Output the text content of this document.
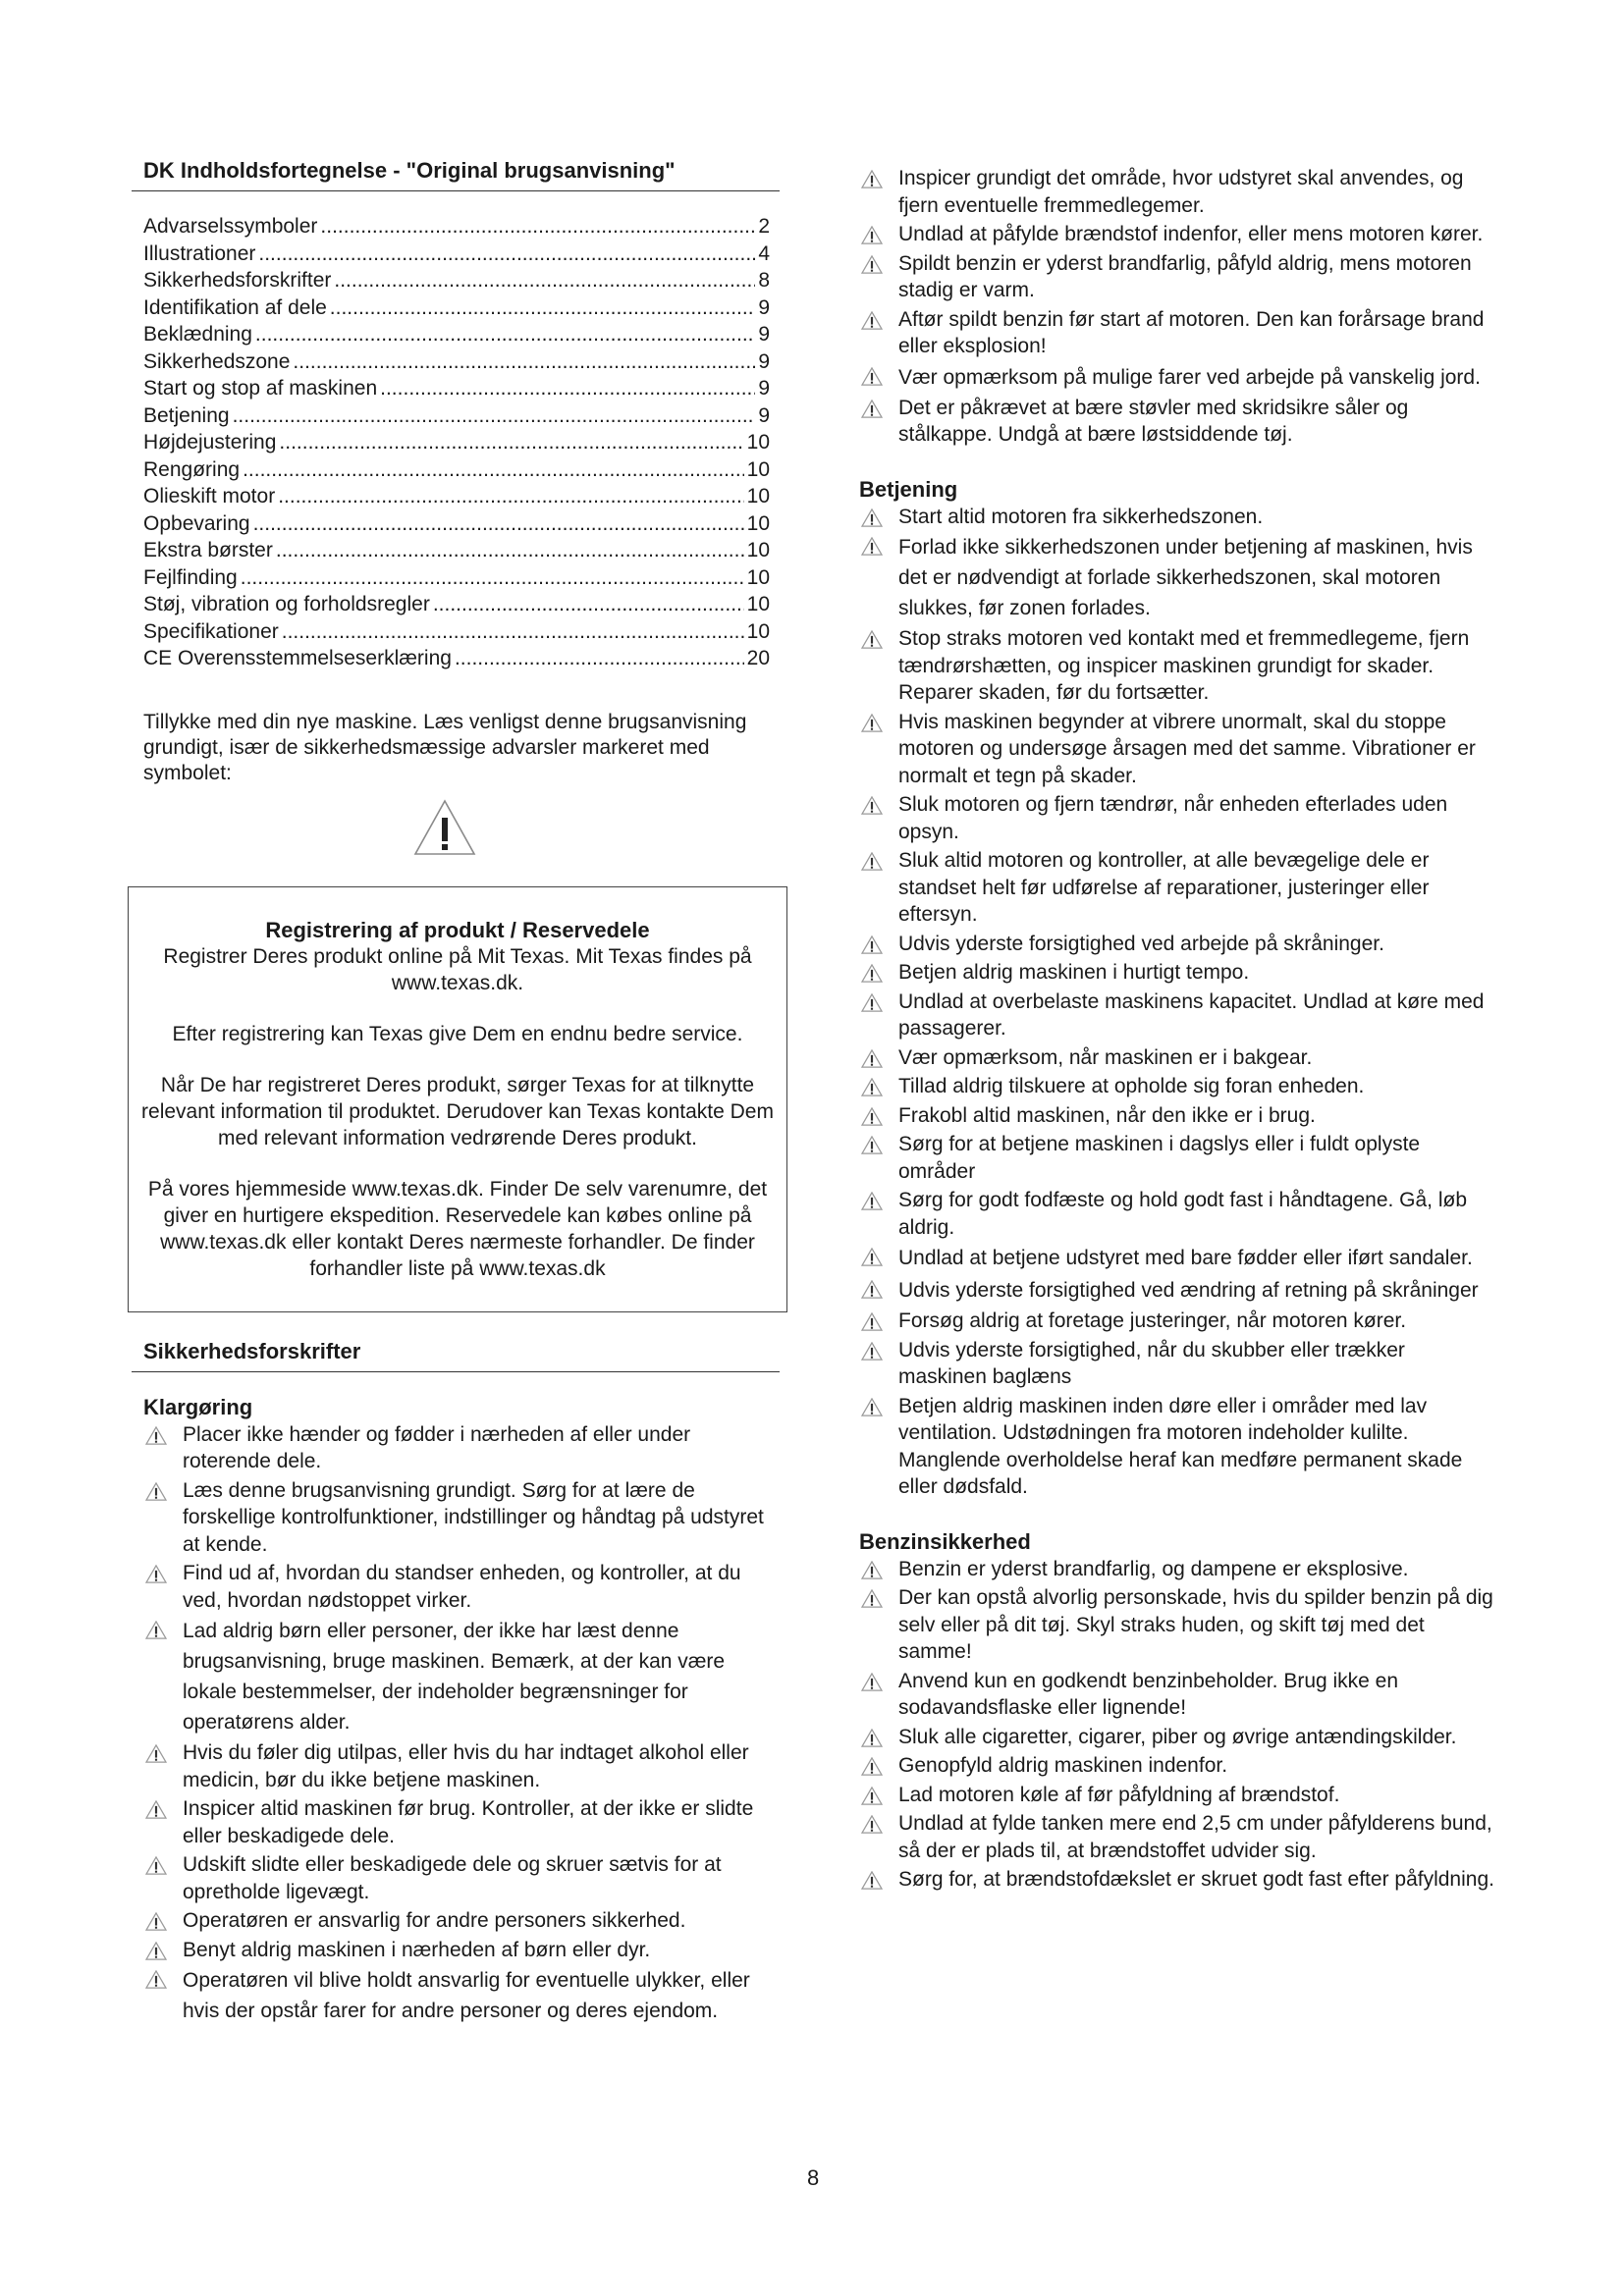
DK Indholdsfortegnelse - "Original brugsanvisning"
Advarselssymboler .....	2
Illustrationer .....	4
Sikkerhedsforskrifter .....	8
Identifikation af dele .....	9
Beklædning .....	9
Sikkerhedszone .....	9
Start og stop af maskinen .....	9
Betjening .....	9
Højdejustering .....	10
Rengøring .....	10
Olieskift motor .....	10
Opbevaring .....	10
Ekstra børster .....	10
Fejlfinding .....	10
Støj, vibration og forholdsregler .....	10
Specifikationer .....	10
CE Overensstemmelseserklæring .....	20
Tillykke med din nye maskine. Læs venligst denne brugsanvisning grundigt, især de sikkerhedsmæssige advarsler markeret med symbolet:
Registrering af produkt / Reservedele

Registrer Deres produkt online på Mit Texas. Mit Texas findes på www.texas.dk.

Efter registrering kan Texas give Dem en endnu bedre service.

Når De har registreret Deres produkt, sørger Texas for at tilknytte relevant information til produktet. Derudover kan Texas kontakte Dem med relevant information vedrørende Deres produkt.

På vores hjemmeside www.texas.dk. Finder De selv varenumre, det giver en hurtigere ekspedition. Reservedele kan købes online på www.texas.dk eller kontakt Deres nærmeste forhandler. De finder forhandler liste på www.texas.dk

Sikkerhedsforskrifter
Klargøring
Placer ikke hænder og fødder i nærheden af eller under roterende dele.
Læs denne brugsanvisning grundigt. Sørg for at lære de forskellige kontrolfunktioner, indstillinger og håndtag på udstyret at kende.
Find ud af, hvordan du standser enheden, og kontroller, at du ved, hvordan nødstoppet virker.
Lad aldrig børn eller personer, der ikke har læst denne brugsanvisning, bruge maskinen. Bemærk, at der kan være lokale bestemmelser, der indeholder begrænsninger for operatørens alder.
Hvis du føler dig utilpas, eller hvis du har indtaget alkohol eller medicin, bør du ikke betjene maskinen.
Inspicer altid maskinen før brug. Kontroller, at der ikke er slidte eller beskadigede dele.
Udskift slidte eller beskadigede dele og skruer sætvis for at opretholde ligevægt.
Operatøren er ansvarlig for andre personers sikkerhed.
Benyt aldrig maskinen i nærheden af børn eller dyr.
Operatøren vil blive holdt ansvarlig for eventuelle ulykker, eller hvis der opstår farer for andre personer og deres ejendom.
Inspicer grundigt det område, hvor udstyret skal anvendes, og fjern eventuelle fremmedlegemer.
Undlad at påfylde brændstof indenfor, eller mens motoren kører.
Spildt benzin er yderst brandfarlig, påfyld aldrig, mens motoren stadig er varm.
Aftør spildt benzin før start af motoren. Den kan forårsage brand eller eksplosion!
Vær opmærksom på mulige farer ved arbejde på vanskelig jord.
Det er påkrævet at bære støvler med skridsikre såler og stålkappe. Undgå at bære løstsiddende tøj.
Betjening
Start altid motoren fra sikkerhedszonen.
Forlad ikke sikkerhedszonen under betjening af maskinen, hvis det er nødvendigt at forlade sikkerhedszonen, skal motoren slukkes, før zonen forlades.
Stop straks motoren ved kontakt med et fremmedlegeme, fjern tændrørshætten, og inspicer maskinen grundigt for skader. Reparer skaden, før du fortsætter.
Hvis maskinen begynder at vibrere unormalt, skal du stoppe motoren og undersøge årsagen med det samme. Vibrationer er normalt et tegn på skader.
Sluk motoren og fjern tændrør, når enheden efterlades uden opsyn.
Sluk altid motoren og kontroller, at alle bevægelige dele er standset helt før udførelse af reparationer, justeringer eller eftersyn.
Udvis yderste forsigtighed ved arbejde på skråninger.
Betjen aldrig maskinen i hurtigt tempo.
Undlad at overbelaste maskinens kapacitet. Undlad at køre med passagerer.
Vær opmærksom, når maskinen er i bakgear.
Tillad aldrig tilskuere at opholde sig foran enheden.
Frakobl altid maskinen, når den ikke er i brug.
Sørg for at betjene maskinen i dagslys eller i fuldt oplyste områder
Sørg for godt fodfæste og hold godt fast i håndtagene. Gå, løb aldrig.
Undlad at betjene udstyret med bare fødder eller iført sandaler.
Udvis yderste forsigtighed ved ændring af retning på skråninger
Forsøg aldrig at foretage justeringer, når motoren kører.
Udvis yderste forsigtighed, når du skubber eller trækker maskinen baglæns
Betjen aldrig maskinen inden døre eller i områder med lav ventilation. Udstødningen fra motoren indeholder kulilte. Manglende overholdelse heraf kan medføre permanent skade eller dødsfald.
Benzinsikkerhed
Benzin er yderst brandfarlig, og dampene er eksplosive.
Der kan opstå alvorlig personskade, hvis du spilder benzin på dig selv eller på dit tøj. Skyl straks huden, og skift tøj med det samme!
Anvend kun en godkendt benzinbeholder. Brug ikke en sodavandsflaske eller lignende!
Sluk alle cigaretter, cigarer, piber og øvrige antændingskilder.
Genopfyld aldrig maskinen indenfor.
Lad motoren køle af før påfyldning af brændstof.
Undlad at fylde tanken mere end 2,5 cm under påfylderens bund, så der er plads til, at brændstoffet udvider sig.
Sørg for, at brændstofdækslet er skruet godt fast efter påfyldning.
8
